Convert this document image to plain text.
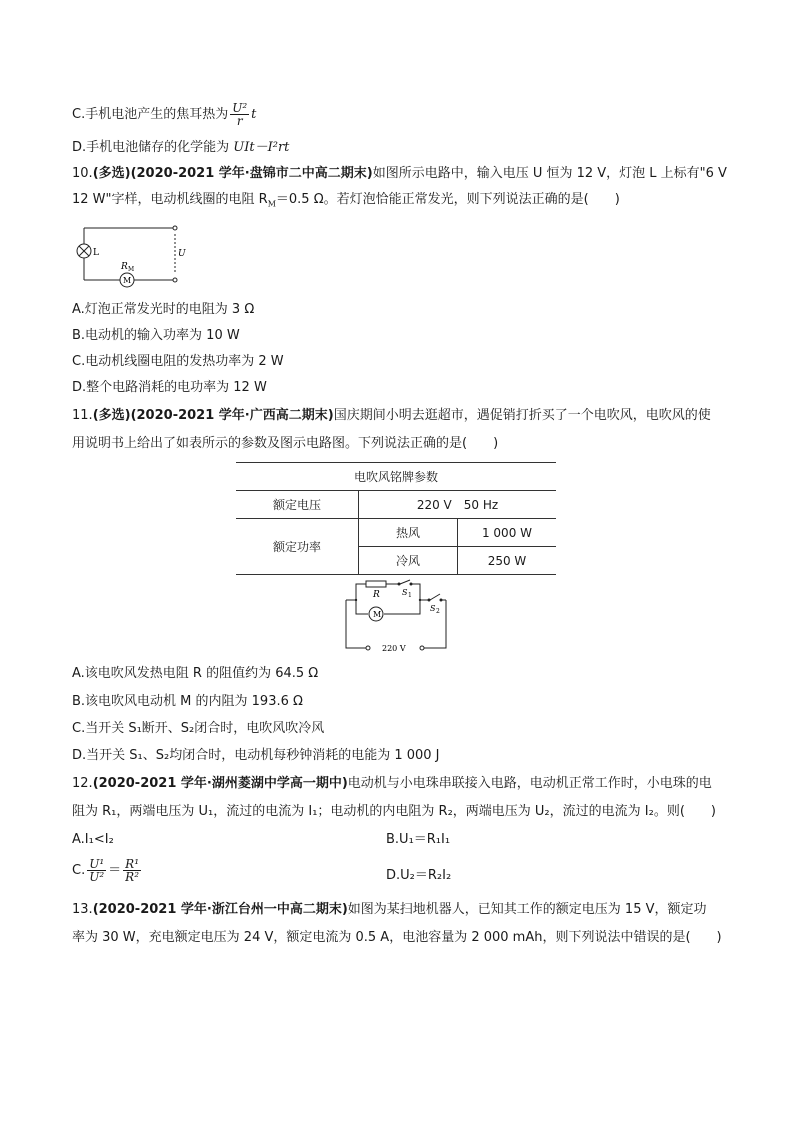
C.手机电池产生的焦耳热为 $\frac{\text{U²}}{r}$ t
D.手机电池储存的化学能为 UIt－I²rt
10.(多选)(2020-2021 学年·盘锦市二中高二期末)如图所示电路中，输入电压 U 恒为 12 V，灯泡 L 上标有"6 V
12 W"字样，电动机线圈的电阻 $R_M=0.5$ Ω。若灯泡恰能正常发光，则下列说法正确的是(　　)
L
M
R M
U
A.灯泡正常发光时的电阻为 3 Ω
B.电动机的输入功率为 10 W
C.电动机线圈电阻的发热功率为 2 W
D.整个电路消耗的电功率为 12 W
11.(多选)(2020-2021 学年·广西高二期末)国庆期间小明去逛超市，遇促销打折买了一个电吹风，电吹风的使
用说明书上给出了如表所示的参数及图示电路图。下列说法正确的是(　　)
电吹风铭牌参数		
额定电压	220 V　50 Hz	
额定功率	热风	1 000 W
	冷风	250 W
M
R	S 1
S 2
220 V
A.该电吹风发热电阻 R 的阻值约为 64.5 Ω
B.该电吹风电动机 M 的内阻为 193.6 Ω
C.当开关 S₁断开、S₂闭合时，电吹风吹冷风
D.当开关 S₁、S₂均闭合时，电动机每秒钟消耗的电能为 1 000 J
12.(2020-2021 学年·湖州菱湖中学高一期中)电动机与小电珠串联接入电路，电动机正常工作时，小电珠的电
阻为 R₁，两端电压为 U₁，流过的电流为 I₁；电动机的内电阻为 R₂，两端电压为 U₂，流过的电流为 I₂。则(　　)
A.I₁<I₂	B.U₁＝R₁I₁
C. $\frac{\text{U¹}}{\text{U²}} = \frac{\text{R¹}}{\text{R²}}$	D.U₂＝R₂I₂
13.(2020-2021 学年·浙江台州一中高二期末)如图为某扫地机器人，已知其工作的额定电压为 15 V，额定功
率为 30 W，充电额定电压为 24 V，额定电流为 0.5 A，电池容量为 2 000 mAh，则下列说法中错误的是(　　)
